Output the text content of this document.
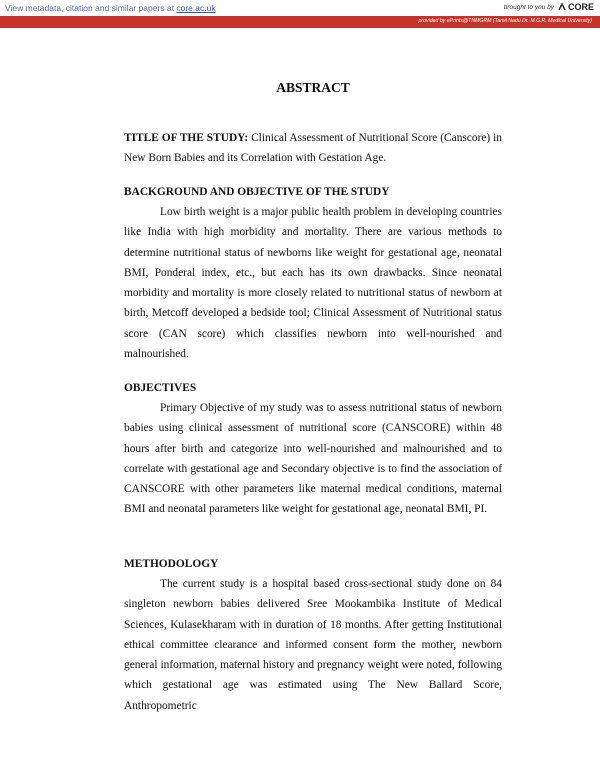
View metadata, citation and similar papers at core.ac.uk	brought to you by CORE
provided by ePrints@TNMGRM (Tamil Nadu Dr. M.G.R. Medical University)
ABSTRACT
TITLE OF THE STUDY: Clinical Assessment of Nutritional Score (Canscore) in New Born Babies and its Correlation with Gestation Age.
BACKGROUND AND OBJECTIVE OF THE STUDY
Low birth weight is a major public health problem in developing countries like India with high morbidity and mortality. There are various methods to determine nutritional status of newborns like weight for gestational age, neonatal BMI, Ponderal index, etc., but each has its own drawbacks. Since neonatal morbidity and mortality is more closely related to nutritional status of newborn at birth, Metcoff developed a bedside tool; Clinical Assessment of Nutritional status score (CAN score) which classifies newborn into well-nourished and malnourished.
OBJECTIVES
Primary Objective of my study was to assess nutritional status of newborn babies using clinical assessment of nutritional score (CANSCORE) within 48 hours after birth and categorize into well-nourished and malnourished and to correlate with gestational age and Secondary objective is to find the association of CANSCORE with other parameters like maternal medical conditions, maternal BMI and neonatal parameters like weight for gestational age, neonatal BMI, PI.
METHODOLOGY
The current study is a hospital based cross-sectional study done on 84 singleton newborn babies delivered Sree Mookambika Institute of Medical Sciences, Kulasekharam with in duration of 18 months. After getting Institutional ethical committee clearance and informed consent form the mother, newborn general information, maternal history and pregnancy weight were noted, following which gestational age was estimated using The New Ballard Score, Anthropometric
